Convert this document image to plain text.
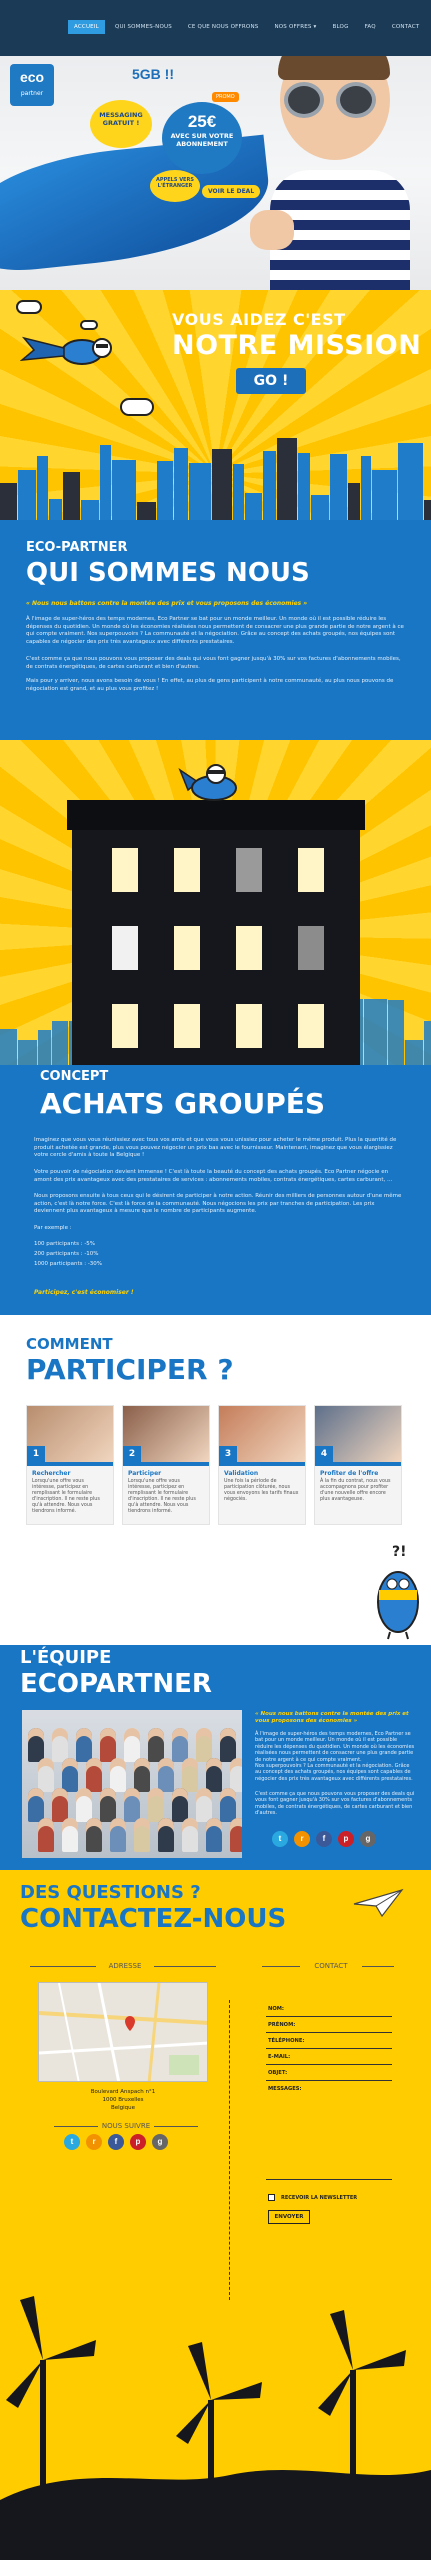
eco
partner
5GB !!
PROMO
MESSAGING GRATUIT !	25€
AVEC SUR VOTRE ABONNEMENT
APPELS VERS L'ÉTRANGER
VOIR LE DEAL
ACCUEIL	QUI SOMMES-NOUS	CE QUE NOUS OFFRONS	NOS OFFRES ▾	BLOG	FAQ	CONTACT
VOUS AIDEZ C'EST
NOTRE MISSION
GO !
ECO-PARTNER
QUI SOMMES NOUS
« Nous nous battons contre la montée des prix et vous proposons des économies »

À l'image de super-héros des temps modernes, Eco Partner se bat pour un monde meilleur. Un monde où il est possible réduire les dépenses du quotidien. Un monde où les économies réalisées nous permettent de consacrer une plus grande partie de notre argent à ce qui compte vraiment. Nos superpouvoirs ? La communauté et la négociation. Grâce au concept des achats groupés, nos équipes sont capables de négocier des prix très avantageux avec différents prestataires.

C'est comme ça que nous pouvons vous proposer des deals qui vous font gagner jusqu'à 30% sur vos factures d'abonnements mobiles, de contrats énergétiques, de cartes carburant et bien d'autres.

Mais pour y arriver, nous avons besoin de vous ! En effet, au plus de gens participent à notre communauté, au plus nous pouvons de négociation est grand, et au plus vous profitez !

CONCEPT
ACHATS GROUPÉS

Imaginez que vous vous réunissiez avec tous vos amis et que vous vous unissiez pour acheter le même produit. Plus la quantité de produit achetée est grande, plus vous pouvez négocier un prix bas avec le fournisseur. Maintenant, imaginez que vous élargissiez votre cercle d'amis à toute la Belgique !

Votre pouvoir de négociation devient immense ! C'est là toute la beauté du concept des achats groupés. Eco Partner négocie en amont des prix avantageux avec des prestataires de services : abonnements mobiles, contrats énergétiques, cartes carburant, …

Nous proposons ensuite à tous ceux qui le désirent de participer à notre action. Réunir des milliers de personnes autour d'une même action, c'est là notre force. C'est là force de la communauté. Nous négocions les prix par tranches de participation. Les prix deviennent plus avantageux à mesure que le nombre de participants augmente.

Par exemple :

100 participants : -5%

200 participants : -10%

1000 participants : -30%

Participez, c'est économiser !
COMMENT
PARTICIPER ?
1
Rechercher
Lorsqu'une offre vous intéresse, participez en remplissant le formulaire d'inscription. Il ne reste plus qu'à attendre. Nous vous tiendrons informé.
2
Participer
Lorsqu'une offre vous intéresse, participez en remplissant le formulaire d'inscription. Il ne reste plus qu'à attendre. Nous vous tiendrons informé.
3
Validation
Une fois la période de participation clôturée, nous vous envoyons les tarifs finaux négociés.
4
Profiter de l'offre
À la fin du contrat, nous vous accompagnons pour profiter d'une nouvelle offre encore plus avantageuse.
?!
L'ÉQUIPE
ECOPARTNER
« Nous nous battons contre la montée des prix et vous proposons des économies »

À l'image de super-héros des temps modernes, Eco Partner se bat pour un monde meilleur. Un monde où il est possible réduire les dépenses du quotidien. Un monde où les économies réalisées nous permettent de consacrer une plus grande partie de notre argent à ce qui compte vraiment.

Nos superpouvoirs ? La communauté et la négociation. Grâce au concept des achats groupés, nos équipes sont capables de négocier des prix très avantageux avec différents prestataires.

C'est comme ça que nous pouvons vous proposer des deals qui vous font gagner jusqu'à 30% sur vos factures d'abonnements mobiles, de contrats énergétiques, de cartes carburant et bien d'autres.

t	r	f	p	g
DES QUESTIONS ?
CONTACTEZ-NOUS
ADRESSE	CONTACT
Boulevard Anspach n°1
1000 Bruxelles
Belgique
NOUS SUIVRE
t	r	f	p	g
NOM:
PRÉNOM:
TÉLÉPHONE:
E-MAIL:
OBJET:
MESSAGES:
RECEVOIR LA NEWSLETTER
ENVOYER
